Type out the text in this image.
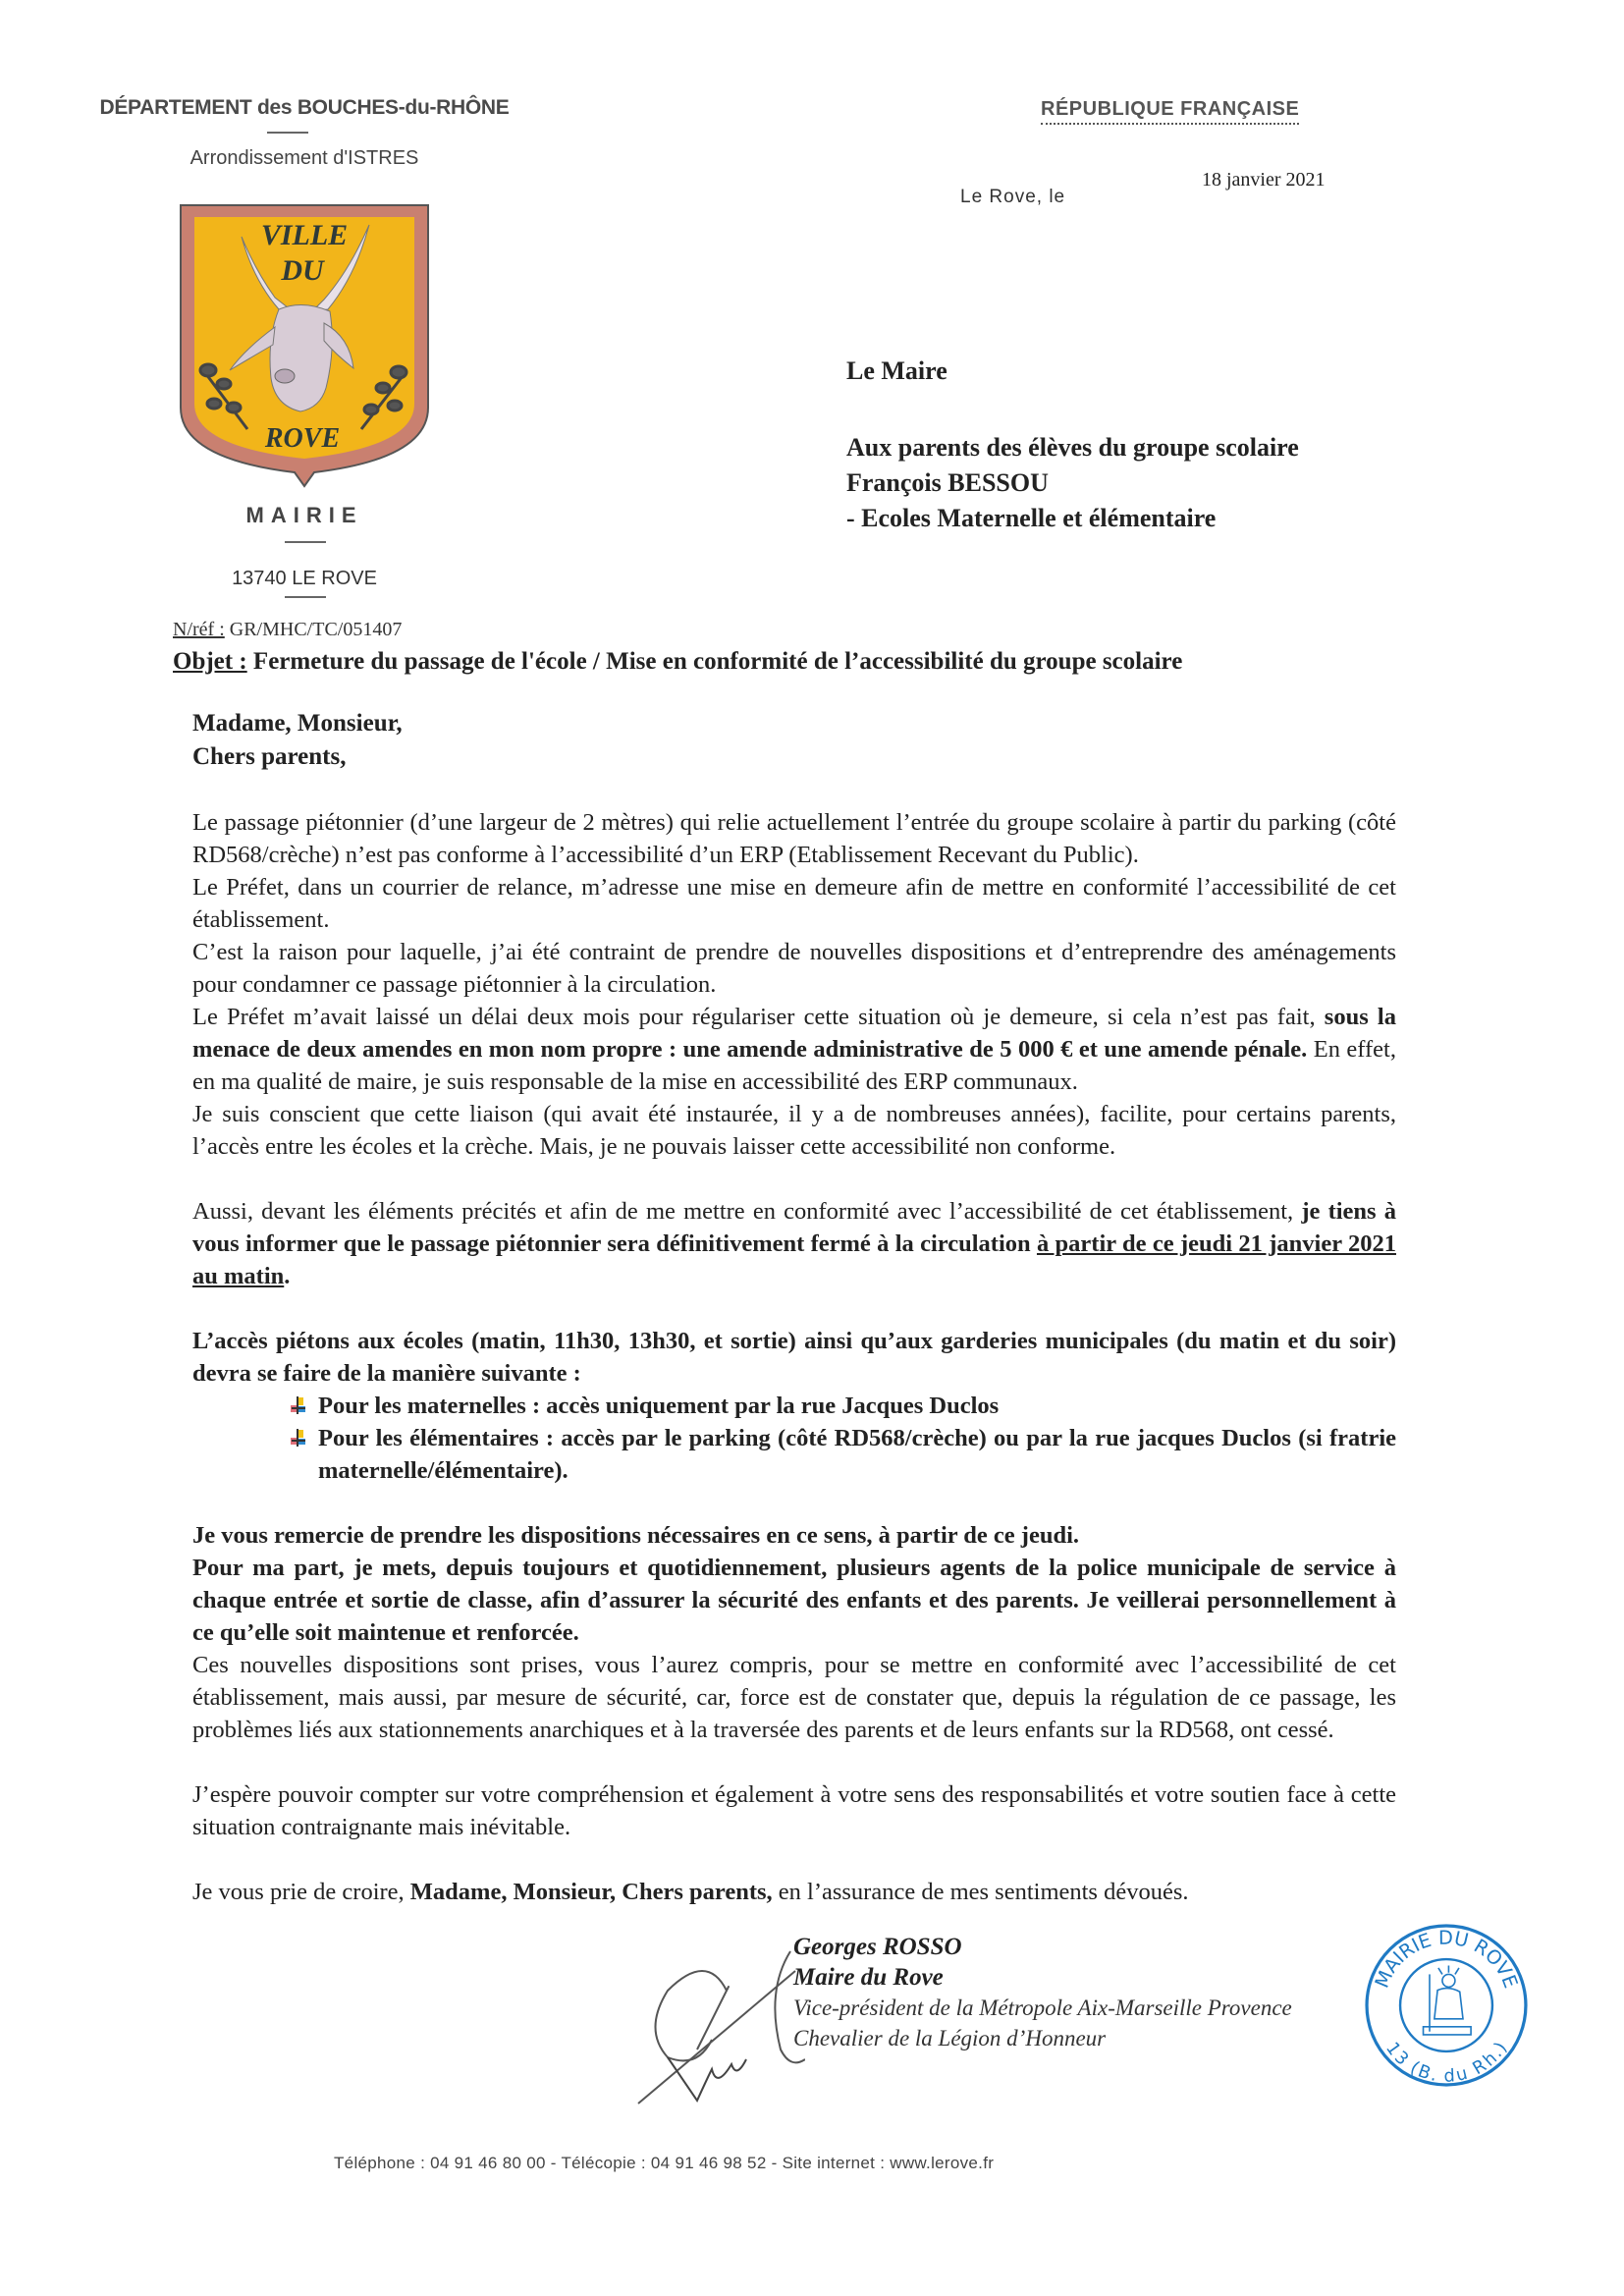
DÉPARTEMENT des BOUCHES-du-RHÔNE
Arrondissement d'ISTRES
VILLE
DU
ROVE
MAIRIE
13740 LE ROVE
RÉPUBLIQUE FRANÇAISE
Le Rove, le
18 janvier 2021
Le Maire
Aux parents des élèves du groupe scolaire
François BESSOU
- Ecoles Maternelle et élémentaire
N/réf : GR/MHC/TC/051407
Objet : Fermeture du passage de l'école / Mise en conformité de l’accessibilité du groupe scolaire
Madame, Monsieur,
Chers parents,

Le passage piétonnier (d’une largeur de 2 mètres) qui relie actuellement l’entrée du groupe scolaire à partir du parking (côté RD568/crèche) n’est pas conforme à l’accessibilité d’un ERP (Etablissement Recevant du Public).

Le Préfet, dans un courrier de relance, m’adresse une mise en demeure afin de mettre en conformité l’accessibilité de cet établissement.

C’est la raison pour laquelle, j’ai été contraint de prendre de nouvelles dispositions et d’entreprendre des aménagements pour condamner ce passage piétonnier à la circulation.

Le Préfet m’avait laissé un délai deux mois pour régulariser cette situation où je demeure, si cela n’est pas fait, sous la menace de deux amendes en mon nom propre : une amende administrative de 5 000 € et une amende pénale. En effet, en ma qualité de maire, je suis responsable de la mise en accessibilité des ERP communaux.

Je suis conscient que cette liaison (qui avait été instaurée, il y a de nombreuses années), facilite, pour certains parents, l’accès entre les écoles et la crèche. Mais, je ne pouvais laisser cette accessibilité non conforme.

Aussi, devant les éléments précités et afin de me mettre en conformité avec l’accessibilité de cet établissement, je tiens à vous informer que le passage piétonnier sera définitivement fermé à la circulation à partir de ce jeudi 21 janvier 2021 au matin.

L’accès piétons aux écoles (matin, 11h30, 13h30, et sortie) ainsi qu’aux garderies municipales (du matin et du soir) devra se faire de la manière suivante :

Pour les maternelles : accès uniquement par la rue Jacques Duclos
Pour les élémentaires : accès par le parking (côté RD568/crèche) ou par la rue jacques Duclos (si fratrie maternelle/élémentaire).

Je vous remercie de prendre les dispositions nécessaires en ce sens, à partir de ce jeudi.

Pour ma part, je mets, depuis toujours et quotidiennement, plusieurs agents de la police municipale de service à chaque entrée et sortie de classe, afin d’assurer la sécurité des enfants et des parents. Je veillerai personnellement à ce qu’elle soit maintenue et renforcée.

Ces nouvelles dispositions sont prises, vous l’aurez compris, pour se mettre en conformité avec l’accessibilité de cet établissement, mais aussi, par mesure de sécurité, car, force est de constater que, depuis la régulation de ce passage, les problèmes liés aux stationnements anarchiques et à la traversée des parents et de leurs enfants sur la RD568, ont cessé.

J’espère pouvoir compter sur votre compréhension et également à votre sens des responsabilités et votre soutien face à cette situation contraignante mais inévitable.

Je vous prie de croire, Madame, Monsieur, Chers parents, en l’assurance de mes sentiments dévoués.

Georges ROSSO
Maire du Rove
Vice-président de la Métropole Aix-Marseille Provence
Chevalier de la Légion d’Honneur
MAIRIE DU ROVE
13 (B. du Rh.)
Téléphone : 04 91 46 80 00 - Télécopie : 04 91 46 98 52 - Site internet : www.lerove.fr
